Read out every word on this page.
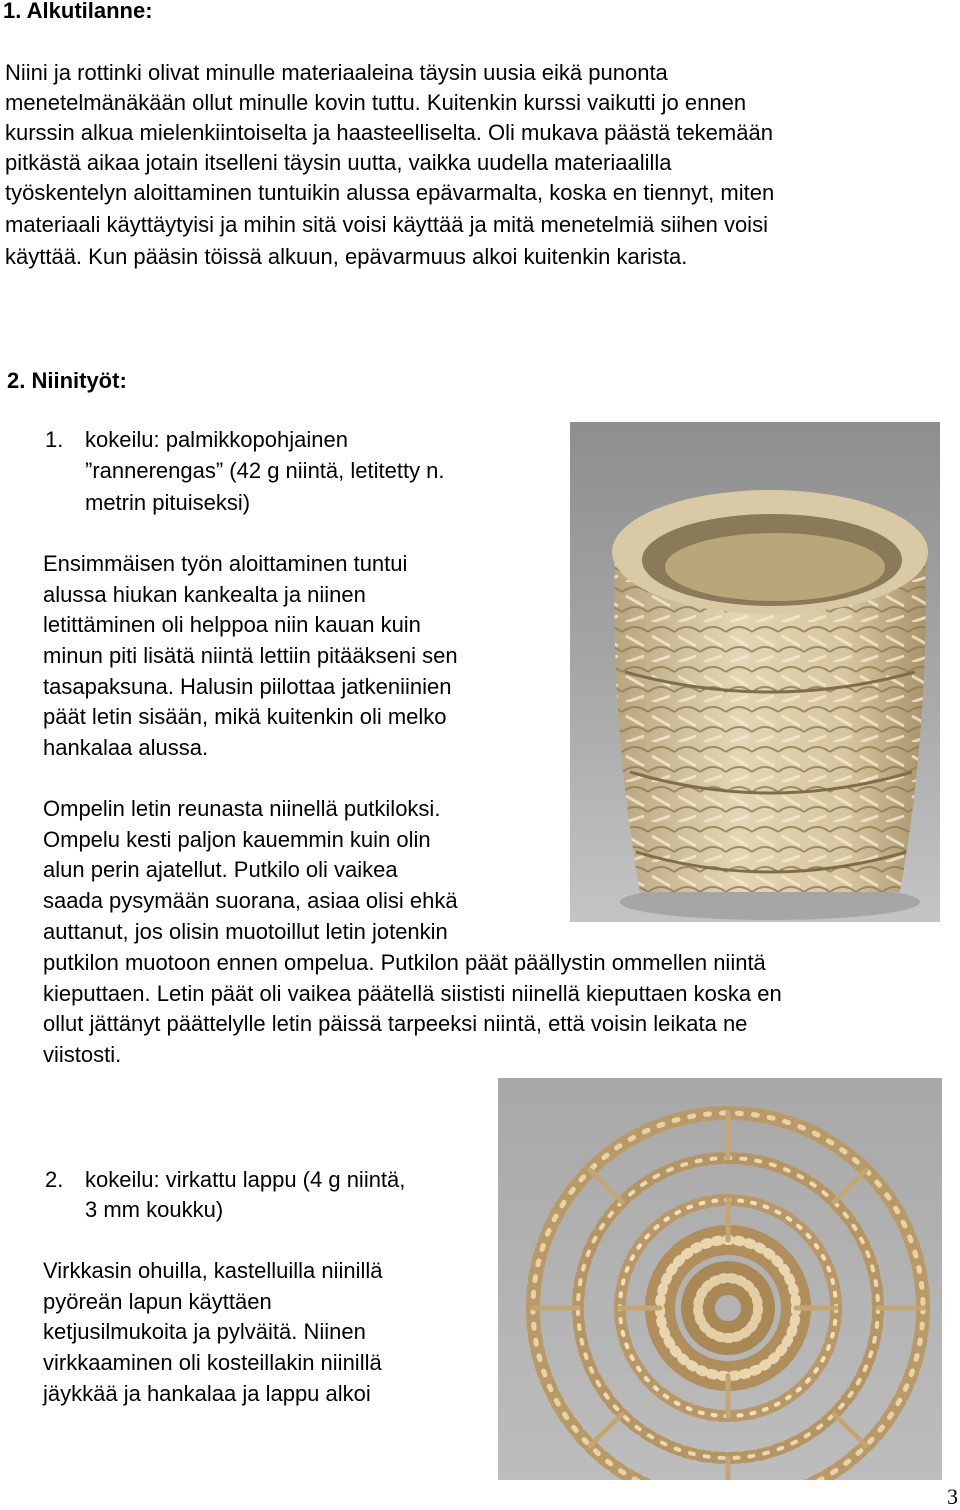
1. Alkutilanne:
Niini ja rottinki olivat minulle materiaaleina täysin uusia eikä punonta
menetelmänäkään ollut minulle kovin tuttu. Kuitenkin kurssi vaikutti jo ennen
kurssin alkua mielenkiintoiselta ja haasteelliselta. Oli mukava päästä tekemään
pitkästä aikaa jotain itselleni täysin uutta, vaikka uudella materiaalilla
työskentelyn aloittaminen tuntuikin alussa epävarmalta, koska en tiennyt, miten
materiaali käyttäytyisi ja mihin sitä voisi käyttää ja mitä menetelmiä siihen voisi
käyttää. Kun pääsin töissä alkuun, epävarmuus alkoi kuitenkin karista.
2. Niinityöt:
1. kokeilu: palmikkopohjainen
”rannerengas” (42 g niintä, letitetty n.
metrin pituiseksi)
Ensimmäisen työn aloittaminen tuntui
alussa hiukan kankealta ja niinen
letittäminen oli helppoa niin kauan kuin
minun piti lisätä niintä lettiin pitääkseni sen
tasapaksuna. Halusin piilottaa jatkeniinien
päät letin sisään, mikä kuitenkin oli melko
hankalaa alussa.
Ompelin letin reunasta niinellä putkiloksi.
Ompelu kesti paljon kauemmin kuin olin
alun perin ajatellut. Putkilo oli vaikea
saada pysymään suorana, asiaa olisi ehkä
auttanut, jos olisin muotoillut letin jotenkin
putkilon muotoon ennen ompelua. Putkilon päät päällystin ommellen niintä
kieputtaen. Letin päät oli vaikea päätellä siististi niinellä kieputtaen koska en
ollut jättänyt päättelylle letin päissä tarpeeksi niintä, että voisin leikata ne
viistosti.
2. kokeilu: virkattu lappu (4 g niintä,
3 mm koukku)
Virkkasin ohuilla, kastelluilla niinillä
pyöreän lapun käyttäen
ketjusilmukoita ja pylväitä. Niinen
virkkaaminen oli kosteillakin niinillä
jäykkää ja hankalaa ja lappu alkoi
3
